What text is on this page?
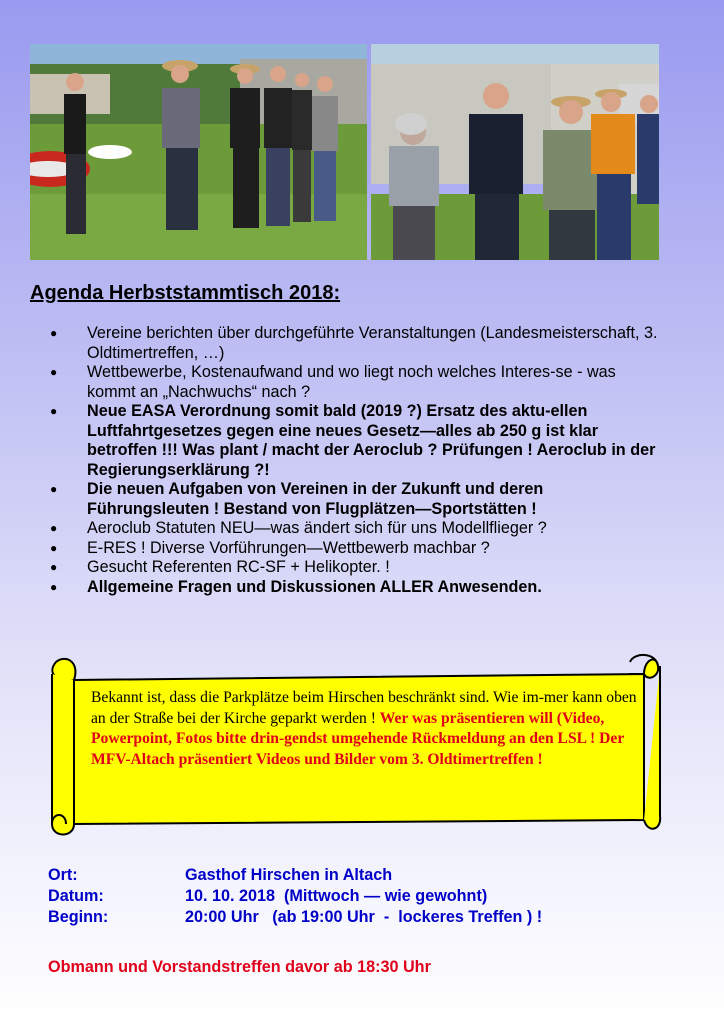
Agenda Herbststammtisch 2018:
● Vereine berichten über durchgeführte Veranstaltungen (Landesmeisterschaft, 3. Oldtimertreffen, …)
● Wettbewerbe, Kostenaufwand und wo liegt noch welches Interes-se - was kommt an „Nachwuchs“ nach ?
● Neue EASA Verordnung somit bald (2019 ?) Ersatz des aktu-ellen Luftfahrtgesetzes gegen eine neues Gesetz—alles ab 250 g ist klar betroffen !!! Was plant / macht der Aeroclub ? Prüfungen ! Aeroclub in der Regierungserklärung ?!
● Die neuen Aufgaben von Vereinen in der Zukunft und deren Führungsleuten ! Bestand von Flugplätzen—Sportstätten !
● Aeroclub Statuten NEU—was ändert sich für uns Modellflieger ?
● E-RES ! Diverse Vorführungen—Wettbewerb machbar ?
● Gesucht Referenten RC-SF + Helikopter. !
● Allgemeine Fragen und Diskussionen ALLER Anwesenden.
Bekannt ist, dass die Parkplätze beim Hirschen beschränkt sind. Wie im-mer kann oben an der Straße bei der Kirche geparkt werden ! Wer was präsentieren will (Video, Powerpoint, Fotos bitte drin-gendst umgehende Rückmeldung an den LSL ! Der MFV-Altach präsentiert Videos und Bilder vom 3. Oldtimertreffen !
Ort:	Gasthof Hirschen in Altach
Datum:	10. 10. 2018  (Mittwoch — wie gewohnt)
Beginn:	20:00 Uhr   (ab 19:00 Uhr  -  lockeres Treffen ) !
Obmann und Vorstandstreffen davor ab 18:30 Uhr
